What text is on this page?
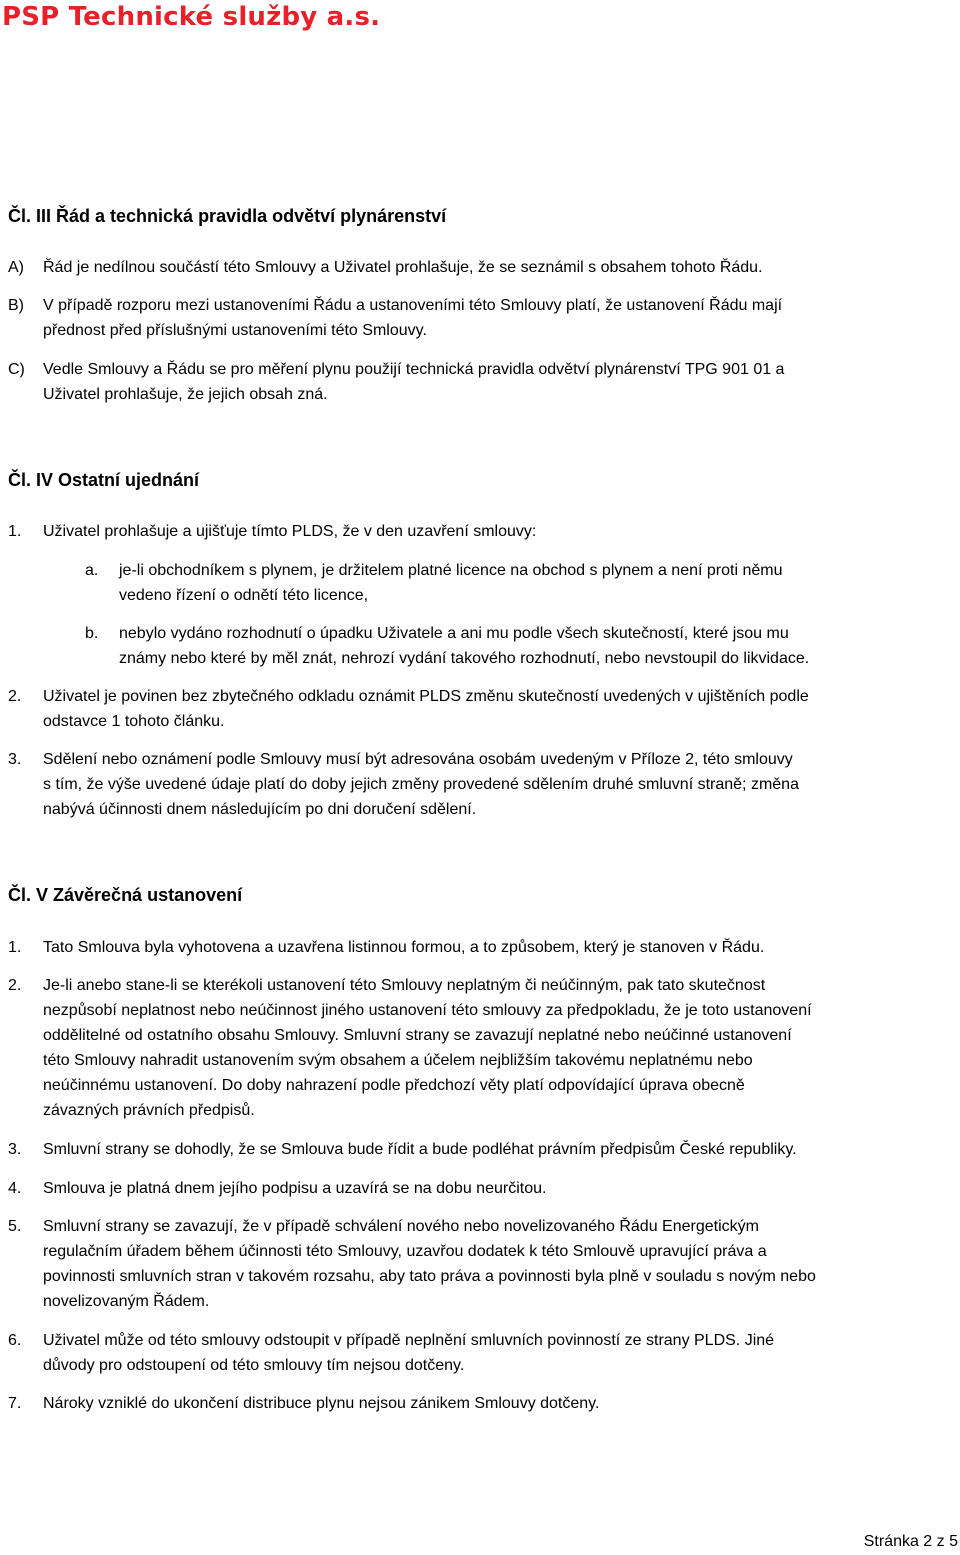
PSP Technické služby a.s.
Čl. III Řád a technická pravidla odvětví plynárenství
A) Řád je nedílnou součástí této Smlouvy a Uživatel prohlašuje, že se seznámil s obsahem tohoto Řádu.
B) V případě rozporu mezi ustanoveními Řádu a ustanoveními této Smlouvy platí, že ustanovení Řádu mají
přednost před příslušnými ustanoveními této Smlouvy.
C) Vedle Smlouvy a Řádu se pro měření plynu použijí technická pravidla odvětví plynárenství TPG 901 01 a
Uživatel prohlašuje, že jejich obsah zná.
Čl. IV Ostatní ujednání
1. Uživatel prohlašuje a ujišťuje tímto PLDS, že v den uzavření smlouvy:
a. je-li obchodníkem s plynem, je držitelem platné licence na obchod s plynem a není proti němu
vedeno řízení o odnětí této licence,
b. nebylo vydáno rozhodnutí o úpadku Uživatele a ani mu podle všech skutečností, které jsou mu
známy nebo které by měl znát, nehrozí vydání takového rozhodnutí, nebo nevstoupil do likvidace.
2. Uživatel je povinen bez zbytečného odkladu oznámit PLDS změnu skutečností uvedených v ujištěních podle
odstavce 1 tohoto článku.
3. Sdělení nebo oznámení podle Smlouvy musí být adresována osobám uvedeným v Příloze 2, této smlouvy
s tím, že výše uvedené údaje platí do doby jejich změny provedené sdělením druhé smluvní straně; změna
nabývá účinnosti dnem následujícím po dni doručení sdělení.
Čl. V Závěrečná ustanovení
1. Tato Smlouva byla vyhotovena a uzavřena listinnou formou, a to způsobem, který je stanoven v Řádu.
2. Je-li anebo stane-li se kterékoli ustanovení této Smlouvy neplatným či neúčinným, pak tato skutečnost
nezpůsobí neplatnost nebo neúčinnost jiného ustanovení této smlouvy za předpokladu, že je toto ustanovení
oddělitelné od ostatního obsahu Smlouvy. Smluvní strany se zavazují neplatné nebo neúčinné ustanovení
této Smlouvy nahradit ustanovením svým obsahem a účelem nejbližším takovému neplatnému nebo
neúčinnému ustanovení. Do doby nahrazení podle předchozí věty platí odpovídající úprava obecně
závazných právních předpisů.
3. Smluvní strany se dohodly, že se Smlouva bude řídit a bude podléhat právním předpisům České republiky.
4. Smlouva je platná dnem jejího podpisu a uzavírá se na dobu neurčitou.
5. Smluvní strany se zavazují, že v případě schválení nového nebo novelizovaného Řádu Energetickým
regulačním úřadem během účinnosti této Smlouvy, uzavřou dodatek k této Smlouvě upravující práva a
povinnosti smluvních stran v takovém rozsahu, aby tato práva a povinnosti byla plně v souladu s novým nebo
novelizovaným Řádem.
6. Uživatel může od této smlouvy odstoupit v případě neplnění smluvních povinností ze strany PLDS. Jiné
důvody pro odstoupení od této smlouvy tím nejsou dotčeny.
7. Nároky vzniklé do ukončení distribuce plynu nejsou zánikem Smlouvy dotčeny.
Stránka 2 z 5
